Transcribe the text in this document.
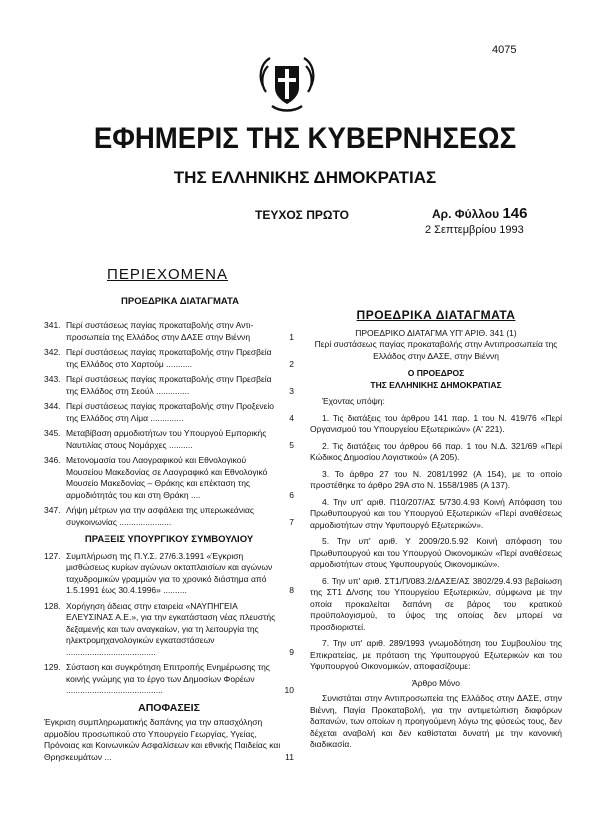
4075
ΕΦΗΜΕΡΙΣ ΤΗΣ ΚΥΒΕΡΝΗΣΕΩΣ
ΤΗΣ ΕΛΛΗΝΙΚΗΣ ΔΗΜΟΚΡΑΤΙΑΣ
ΤΕΥΧΟΣ ΠΡΩΤΟ	Αρ. Φύλλου 146
2 Σεπτεμβρίου 1993
ΠΕΡΙΕΧΟΜΕΝΑ
ΠΡΟΕΔΡΙΚΑ ΔΙΑΤΑΓΜΑΤΑ
341. Περί συστάσεως παγίας προκαταβολής στην Αντι-προσωπεία της Ελλάδος στην ΔΑΣΕ στην Βιέννη	1
342. Περί συστάσεως παγίας προκαταβολής στην Πρεσβεία της Ελλάδος στο Χαρτούμ ...........	2
343. Περί συστάσεως παγίας προκαταβολής στην Πρεσβεία της Ελλάδος στη Σεούλ ..............	3
344. Περί συστάσεως παγίας προκαταβολής στην Προξενείο της Ελλάδος στη Λίμα ..............	4
345. Μεταβίβαση αρμοδιοτήτων του Υπουργού Εμπορικής Ναυτιλίας στους Νομάρχες ..........	5
346. Μετονομασία του Λαογραφικού και Εθνολογικού Μουσείου Μακεδονίας σε Λαογραφικό και Εθνολογικό Μουσείο Μακεδονίας – Θράκης και επέκταση της αρμοδιότητάς του και στη Θράκη ....	6
347. Λήψη μέτρων για την ασφάλεια της υπερωκεάνιας συγκοινωνίας ......................	7
ΠΡΑΞΕΙΣ ΥΠΟΥΡΓΙΚΟΥ ΣΥΜΒΟΥΛΙΟΥ
127. Συμπλήρωση της Π.Υ.Σ. 27/6.3.1991 «Έγκριση μισθώσεως κυρίων αγώνων οκταπλαισίων και αγώνων ταχυδρομικών γραμμών για το χρονικό διάστημα από 1.5.1991 έως 30.4.1996» ..........	8
128. Χορήγηση άδειας στην εταιρεία «ΝΑΥΠΗΓΕΙΑ ΕΛΕΥΣΙΝΑΣ Α.Ε.», για την εγκατάσταση νέας πλευστής δεξαμενής και των αναγκαίων, για τη λειτουργία της ηλεκτρομηχανολογικών εγκαταστάσεων ......................................	9
129. Σύσταση και συγκρότηση Επιτροπής Ενημέρωσης της κοινής γνώμης για το έργο των Δημοσίων Φορέων .........................................	10
ΑΠΟΦΑΣΕΙΣ
Έγκριση συμπληρωματικής δαπάνης για την απασχόληση αρμοδίου προσωπικού στο Υπουργείο Γεωργίας, Υγείας, Πρόνοιας και Κοινωνικών Ασφαλίσεων και εθνικής Παιδείας και Θρησκευμάτων ...	11
ΠΡΟΕΔΡΙΚΑ ΔΙΑΤΑΓΜΑΤΑ
ΠΡΟΕΔΡΙΚΟ ΔΙΑΤΑΓΜΑ ΥΠ' ΑΡΙΘ. 341 (1)
Περί συστάσεως παγίας προκαταβολής στην Αντιπροσωπεία της Ελλάδος στην ΔΑΣΕ, στην Βιέννη
Ο ΠΡΟΕΔΡΟΣ
ΤΗΣ ΕΛΛΗΝΙΚΗΣ ΔΗΜΟΚΡΑΤΙΑΣ

Έχοντας υπόψη:

1. Τις διατάξεις του άρθρου 141 παρ. 1 του Ν. 419/76 «Περί Οργανισμού του Υπουργείου Εξωτερικών» (Α' 221).

2. Τις διατάξεις του άρθρου 66 παρ. 1 του Ν.Δ. 321/69 «Περί Κώδικος Δημοσίου Λογιστικού» (Α 205).

3. Το άρθρο 27 του Ν. 2081/1992 (Α 154), με το οποίο προστέθηκε το άρθρο 29Α στο Ν. 1558/1985 (Α 137).

4. Την υπ' αριθ. Π10/207/ΑΣ 5/730.4.93 Κοινή Απόφαση του Πρωθυπουργού και του Υπουργού Εξωτερικών «Περί αναθέσεως αρμοδιοτήτων στην Υφυπουργό Εξωτερικών».

5. Την υπ' αριθ. Υ 2009/20.5.92 Κοινή απόφαση του Πρωθυπουργού και του Υπουργού Οικονομικών «Περί αναθέσεως αρμοδιοτήτων στους Υφυπουργούς Οικονομικών».

6. Την υπ' αριθ. ΣΤ1/Π/083.2/ΔΑΣΕ/ΑΣ 3802/29.4.93 βεβαίωση της ΣΤ1 Δ/νσης του Υπουργείου Εξωτερικών, σύμφωνα με την οποία προκαλείται δαπάνη σε βάρος του κρατικού προϋπολογισμού, το ύψος της οποίας δεν μπορεί να προσδιοριστεί.

7. Την υπ' αριθ. 289/1993 γνωμοδότηση του Συμβουλίου της Επικρατείας, με πρόταση της Υφυπουργού Εξωτερικών και του Υφυπουργού Οικονομικών, αποφασίζουμε:

Άρθρο Μόνο

Συνιστάται στην Αντιπροσωπεία της Ελλάδος στην ΔΑΣΕ, στην Βιέννη, Παγία Προκαταβολή, για την αντιμετώπιση διαφόρων δαπανών, των οποίων η προηγούμενη λόγω της φύσεώς τους, δεν δέχεται αναβολή και δεν καθίσταται δυνατή με την κανονική διαδικασία.
